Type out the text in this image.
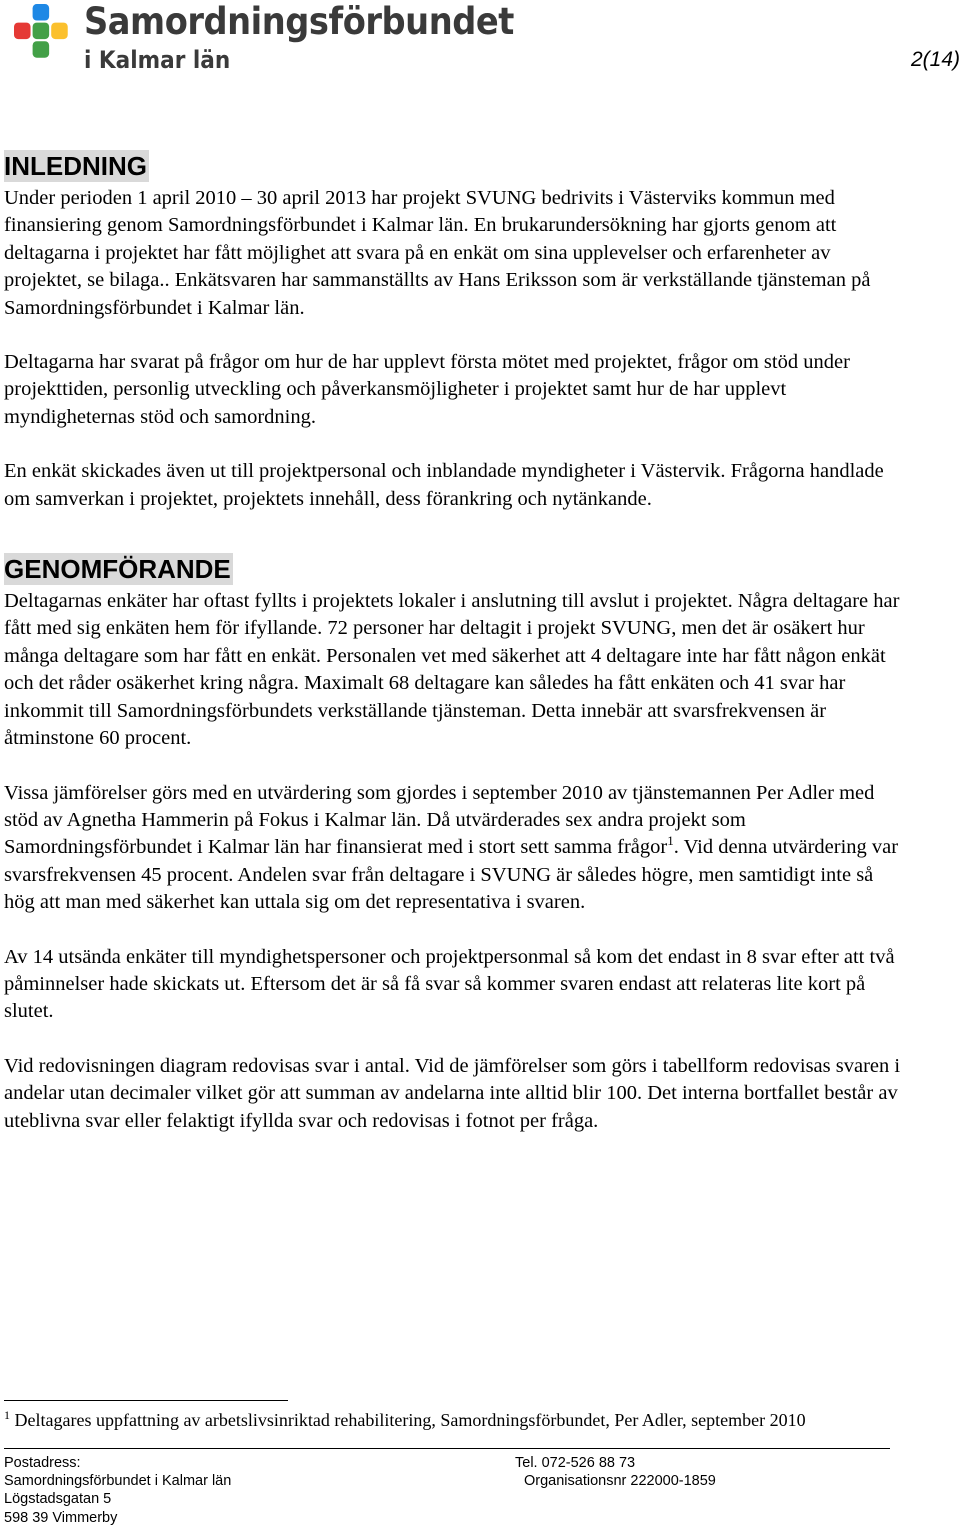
Samordningsförbundet
i Kalmar län	2(14)
INLEDNING

Under perioden 1 april 2010 – 30 april 2013 har projekt SVUNG bedrivits i Västerviks kommun med finansiering genom Samordningsförbundet i Kalmar län. En brukarundersökning har gjorts genom att deltagarna i projektet har fått möjlighet att svara på en enkät om sina upplevelser och erfarenheter av projektet, se bilaga.. Enkätsvaren har sammanställts av Hans Eriksson som är verkställande tjänsteman på Samordningsförbundet i Kalmar län.

Deltagarna har svarat på frågor om hur de har upplevt första mötet med projektet, frågor om stöd under projekttiden, personlig utveckling och påverkansmöjligheter i projektet samt hur de har upplevt myndigheternas stöd och samordning.

En enkät skickades även ut till projektpersonal och inblandade myndigheter i Västervik. Frågorna handlade om samverkan i projektet, projektets innehåll, dess förankring och nytänkande.

GENOMFÖRANDE

Deltagarnas enkäter har oftast fyllts i projektets lokaler i anslutning till avslut i projektet. Några deltagare har fått med sig enkäten hem för ifyllande. 72 personer har deltagit i projekt SVUNG, men det är osäkert hur många deltagare som har fått en enkät. Personalen vet med säkerhet att 4 deltagare inte har fått någon enkät och det råder osäkerhet kring några. Maximalt 68 deltagare kan således ha fått enkäten och 41 svar har inkommit till Samordningsförbundets verkställande tjänsteman. Detta innebär att svarsfrekvensen är åtminstone 60 procent.

Vissa jämförelser görs med en utvärdering som gjordes i september 2010 av tjänstemannen Per Adler med stöd av Agnetha Hammerin på Fokus i Kalmar län. Då utvärderades sex andra projekt som Samordningsförbundet i Kalmar län har finansierat med i stort sett samma frågor$^1$. Vid denna utvärdering var svarsfrekvensen 45 procent. Andelen svar från deltagare i SVUNG är således högre, men samtidigt inte så hög att man med säkerhet kan uttala sig om det representativa i svaren.

Av 14 utsända enkäter till myndighetspersoner och projektpersonmal så kom det endast in 8 svar efter att två påminnelser hade skickats ut. Eftersom det är så få svar så kommer svaren endast att relateras lite kort på slutet.

Vid redovisningen diagram redovisas svar i antal. Vid de jämförelser som görs i tabellform redovisas svaren i andelar utan decimaler vilket gör att summan av andelarna inte alltid blir 100. Det interna bortfallet består av uteblivna svar eller felaktigt ifyllda svar och redovisas i fotnot per fråga.

$^1$ Deltagares uppfattning av arbetslivsinriktad rehabilitering, Samordningsförbundet, Per Adler, september 2010
Postadress:
Samordningsförbundet i Kalmar län
Lögstadsgatan 5
598 39 Vimmerby
Tel. 072-526 88 73
Organisationsnr 222000-1859
